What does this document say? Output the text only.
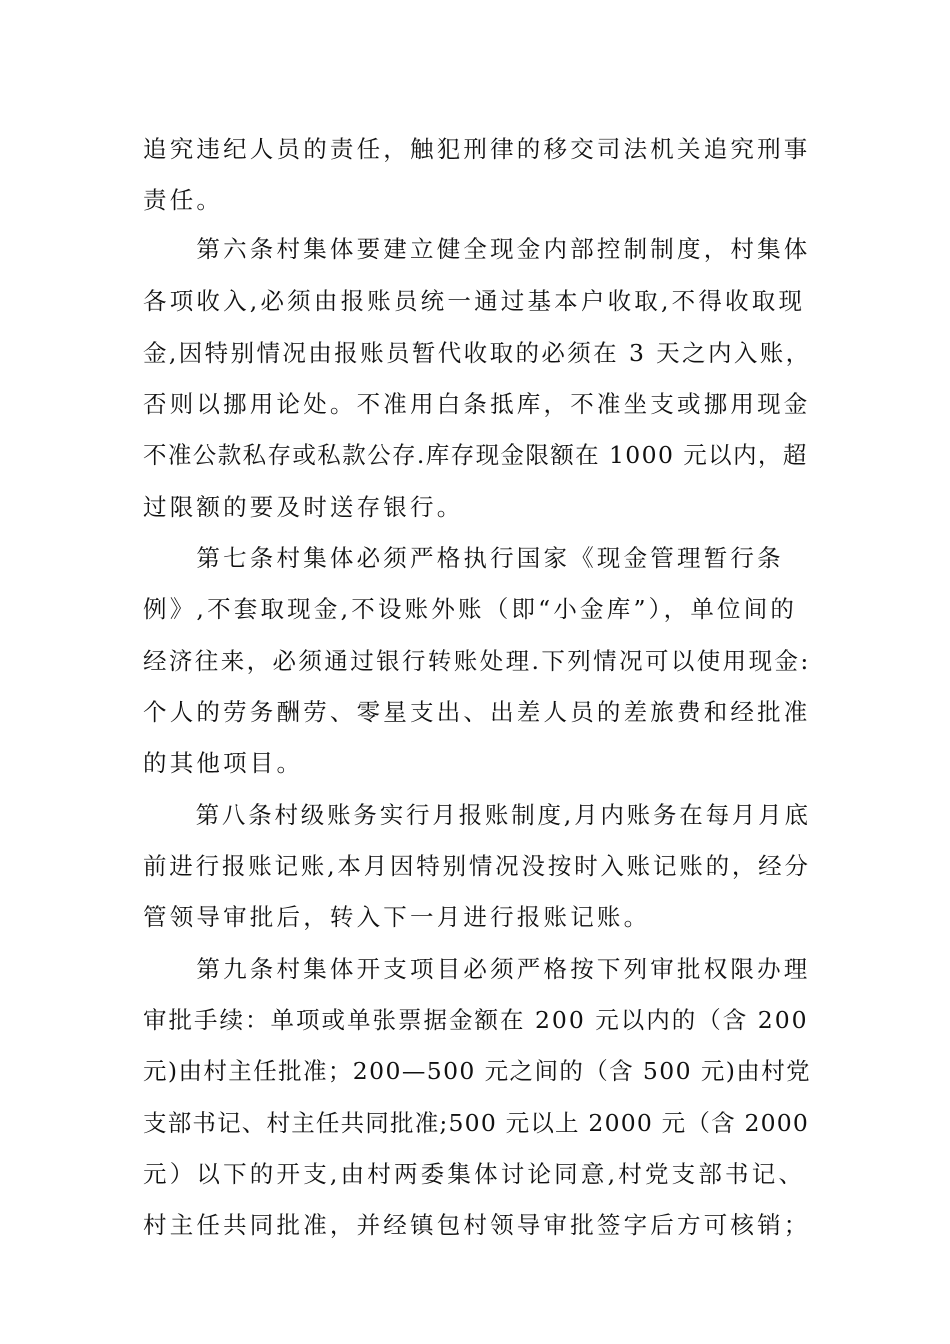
追究违纪人员的责任，触犯刑律的移交司法机关追究刑事
责任。
　　第六条村集体要建立健全现金内部控制制度，村集体
各项收入,必须由报账员统一通过基本户收取,不得收取现
金,因特别情况由报账员暂代收取的必须在 3 天之内入账，
否则以挪用论处。不准用白条抵库，不准坐支或挪用现金
不准公款私存或私款公存.库存现金限额在 1000 元以内，超
过限额的要及时送存银行。
　　第七条村集体必须严格执行国家《现金管理暂行条
例》,不套取现金,不设账外账（即“小金库”），单位间的
经济往来，必须通过银行转账处理.下列情况可以使用现金:
个人的劳务酬劳、零星支出、出差人员的差旅费和经批准
的其他项目。
　　第八条村级账务实行月报账制度,月内账务在每月月底
前进行报账记账,本月因特别情况没按时入账记账的，经分
管领导审批后，转入下一月进行报账记账。
　　第九条村集体开支项目必须严格按下列审批权限办理
审批手续：单项或单张票据金额在 200 元以内的（含 200
元)由村主任批准；200—500 元之间的（含 500 元)由村党
支部书记、村主任共同批准;500 元以上 2000 元（含 2000
元）以下的开支,由村两委集体讨论同意,村党支部书记、
村主任共同批准，并经镇包村领导审批签字后方可核销；
